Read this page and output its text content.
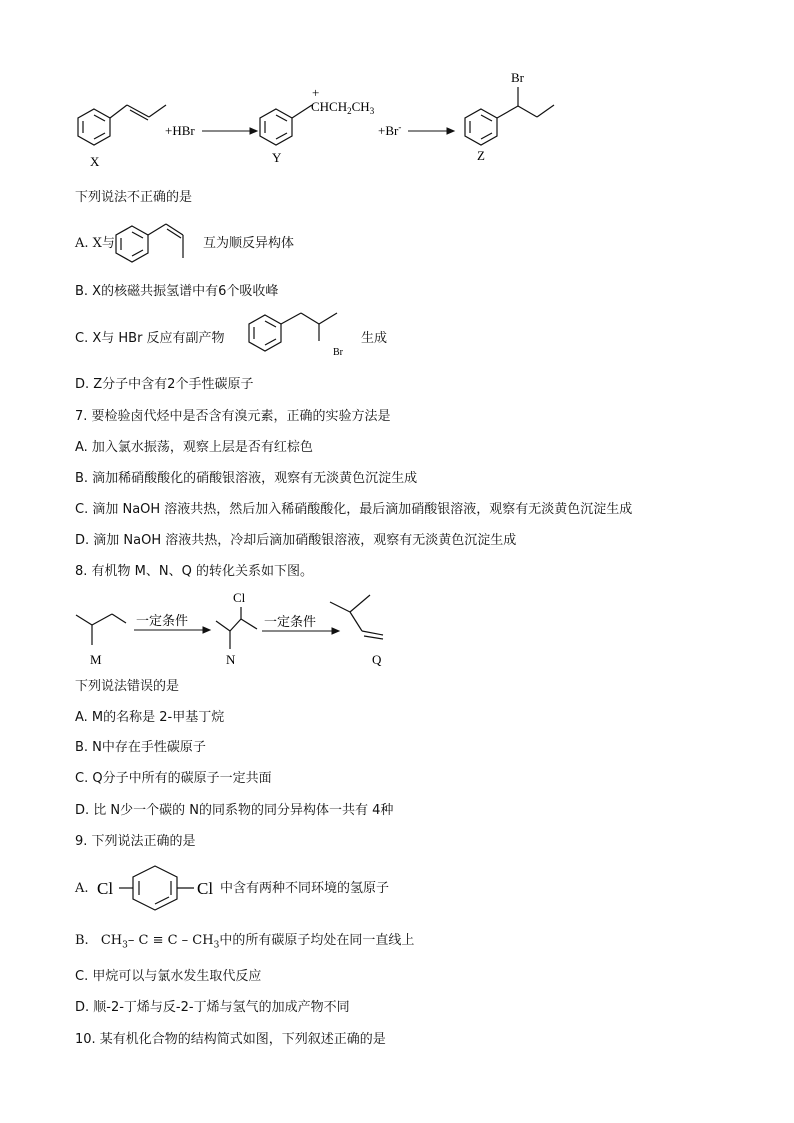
X
+HBr
+
$CHCH_2CH_3$
Y
+Br-
Br
Z
下列说法不正确的是
A. X与	互为顺反异构体
B. X的核磁共振氢谱中有6个吸收峰
C. X与 HBr 反应有副产物
Br
生成
D. Z分子中含有2个手性碳原子
7. 要检验卤代烃中是否含有溴元素，正确的实验方法是
A. 加入氯水振荡，观察上层是否有红棕色
B. 滴加稀硝酸酸化的硝酸银溶液，观察有无淡黄色沉淀生成
C. 滴加 NaOH 溶液共热，然后加入稀硝酸酸化，最后滴加硝酸银溶液，观察有无淡黄色沉淀生成
D. 滴加 NaOH 溶液共热，冷却后滴加硝酸银溶液，观察有无淡黄色沉淀生成
8. 有机物 M、N、Q 的转化关系如下图。
M
一定条件
Cl
N
一定条件
Q
下列说法错误的是
A. M的名称是 2-甲基丁烷
B. N中存在手性碳原子
C. Q分子中所有的碳原子一定共面
D. 比 N少一个碳的 N的同系物的同分异构体一共有 4种
9. 下列说法正确的是
A. Cl	Cl 中含有两种不同环境的氢原子
B. $CH_3-$ $C \equiv C - CH_3$中的所有碳原子均处在同一直线上
C. 甲烷可以与氯水发生取代反应
D. 顺-2-丁烯与反-2-丁烯与氢气的加成产物不同
10. 某有机化合物的结构简式如图，下列叙述正确的是
